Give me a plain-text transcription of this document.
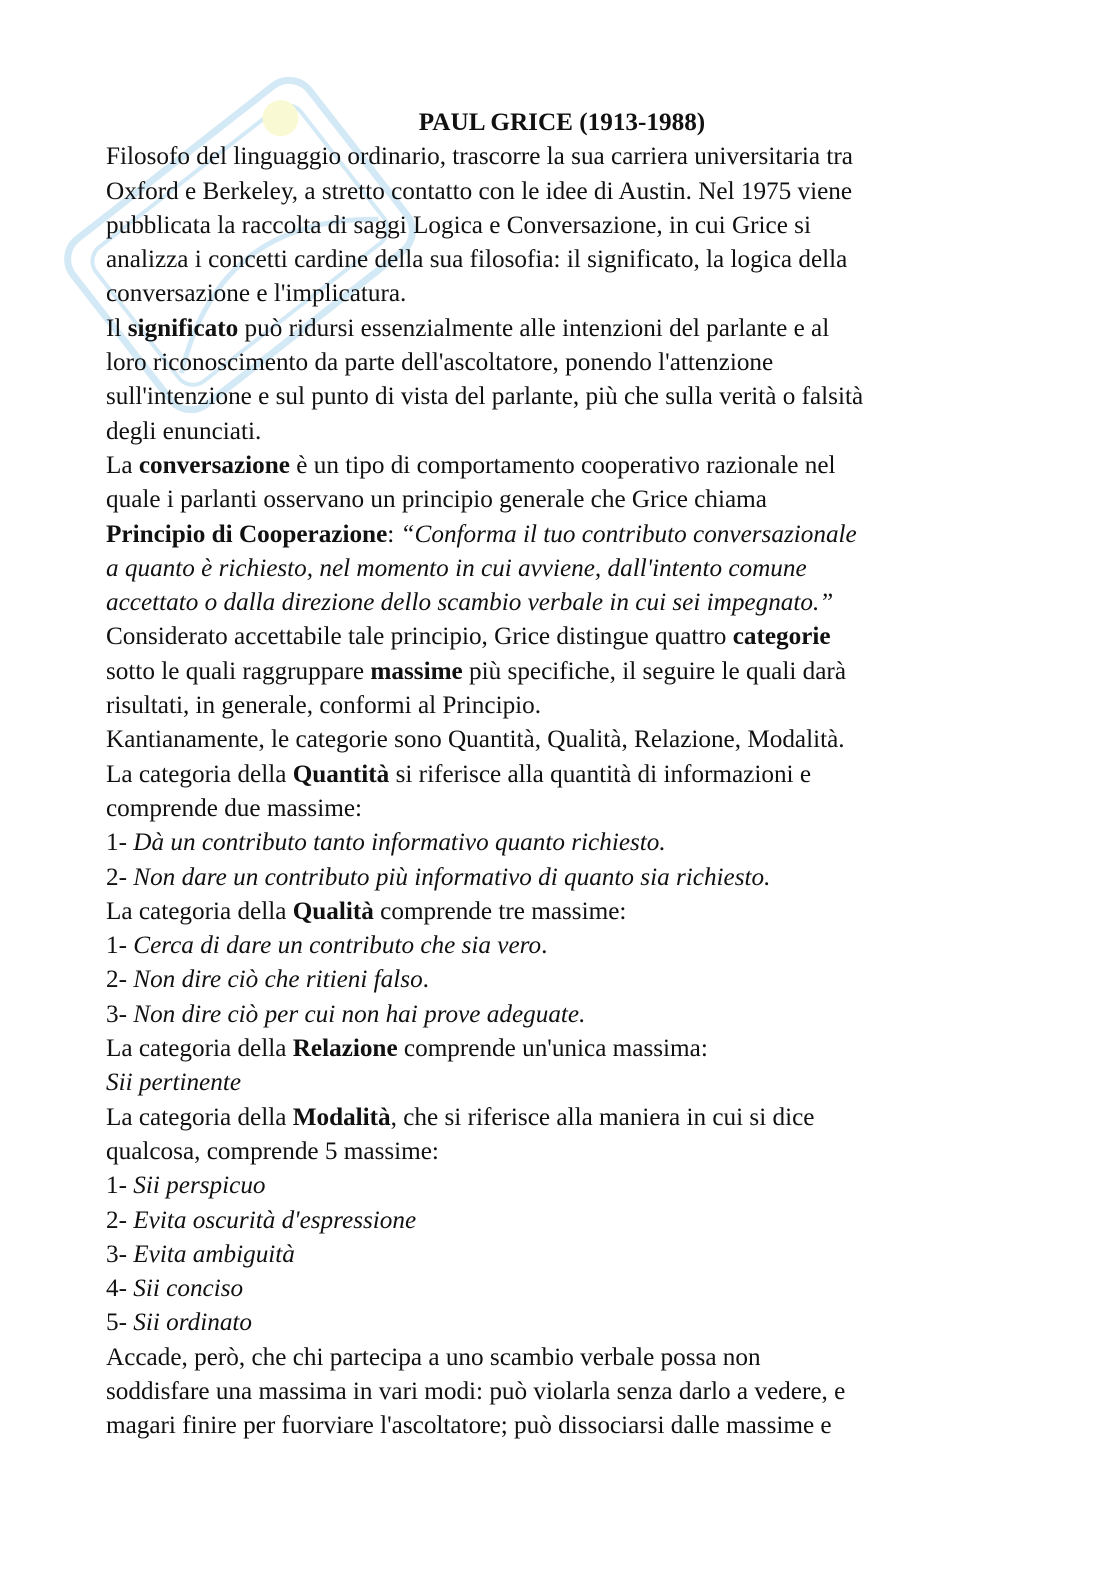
PAUL GRICE (1913-1988)
Filosofo del linguaggio ordinario, trascorre la sua carriera universitaria tra
Oxford e Berkeley, a stretto contatto con le idee di Austin. Nel 1975 viene
pubblicata la raccolta di saggi Logica e Conversazione, in cui Grice si
analizza i concetti cardine della sua filosofia: il significato, la logica della
conversazione e l'implicatura.
Il significato può ridursi essenzialmente alle intenzioni del parlante e al
loro riconoscimento da parte dell'ascoltatore, ponendo l'attenzione
sull'intenzione e sul punto di vista del parlante, più che sulla verità o falsità
degli enunciati.
La conversazione è un tipo di comportamento cooperativo razionale nel
quale i parlanti osservano un principio generale che Grice chiama
Principio di Cooperazione: “Conforma il tuo contributo conversazionale
a quanto è richiesto, nel momento in cui avviene, dall'intento comune
accettato o dalla direzione dello scambio verbale in cui sei impegnato.”
Considerato accettabile tale principio, Grice distingue quattro categorie
sotto le quali raggruppare massime più specifiche, il seguire le quali darà
risultati, in generale, conformi al Principio.
Kantianamente, le categorie sono Quantità, Qualità, Relazione, Modalità.
La categoria della Quantità si riferisce alla quantità di informazioni e
comprende due massime:
1- Dà un contributo tanto informativo quanto richiesto.
2- Non dare un contributo più informativo di quanto sia richiesto.
La categoria della Qualità comprende tre massime:
1- Cerca di dare un contributo che sia vero.
2- Non dire ciò che ritieni falso.
3- Non dire ciò per cui non hai prove adeguate.
La categoria della Relazione comprende un'unica massima:
Sii pertinente
La categoria della Modalità, che si riferisce alla maniera in cui si dice
qualcosa, comprende 5 massime:
1- Sii perspicuo
2- Evita oscurità d'espressione
3- Evita ambiguità
4- Sii conciso
5- Sii ordinato
Accade, però, che chi partecipa a uno scambio verbale possa non
soddisfare una massima in vari modi: può violarla senza darlo a vedere, e
magari finire per fuorviare l'ascoltatore; può dissociarsi dalle massime e
